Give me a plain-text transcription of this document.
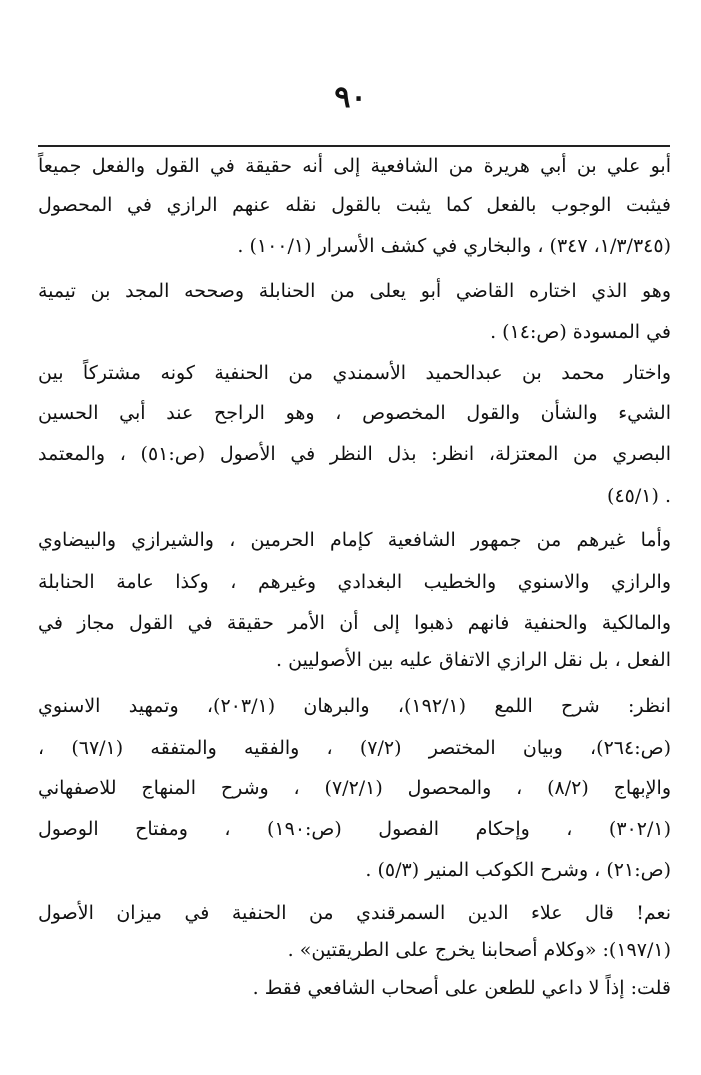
٩٠
أبو علي بن أبي هريرة من الشافعية إلى أنه حقيقة في القول والفعل جميعاً
فيثبت الوجوب بالفعل كما يثبت بالقول نقله عنهم الرازي في المحصول
(١/٣/٣٤٥، ٣٤٧) ، والبخاري في كشف الأسرار (١٠٠/١) .
وهو الذي اختاره القاضي أبو يعلى من الحنابلة وصححه المجد بن تيمية
في المسودة (ص:١٤) .
واختار محمد بن عبدالحميد الأسمندي من الحنفية كونه مشتركاً بين
الشيء والشأن والقول المخصوص ، وهو الراجح عند أبي الحسين
البصري من المعتزلة، انظر: بذل النظر في الأصول (ص:٥١) ، والمعتمد
(٤٥/١) .
وأما غيرهم من جمهور الشافعية كإمام الحرمين ، والشيرازي والبيضاوي
والرازي والاسنوي والخطيب البغدادي وغيرهم ، وكذا عامة الحنابلة
والمالكية والحنفية فانهم ذهبوا إلى أن الأمر حقيقة في القول مجاز في
الفعل ، بل نقل الرازي الاتفاق عليه بين الأصوليين .
انظر: شرح اللمع (١٩٢/١)، والبرهان (٢٠٣/١)، وتمهيد الاسنوي
(ص:٢٦٤)، وبيان المختصر (٧/٢) ، والفقيه والمتفقه (٦٧/١) ،
والإبهاج (٨/٢) ، والمحصول (٧/٢/١) ، وشرح المنهاج للاصفهاني
(٣٠٢/١) ، وإحكام الفصول (ص:١٩٠) ، ومفتاح الوصول
(ص:٢١) ، وشرح الكوكب المنير (٥/٣) .
نعم! قال علاء الدين السمرقندي من الحنفية في ميزان الأصول
(١٩٧/١): «وكلام أصحابنا يخرج على الطريقتين» .
قلت: إذاً لا داعي للطعن على أصحاب الشافعي فقط .
